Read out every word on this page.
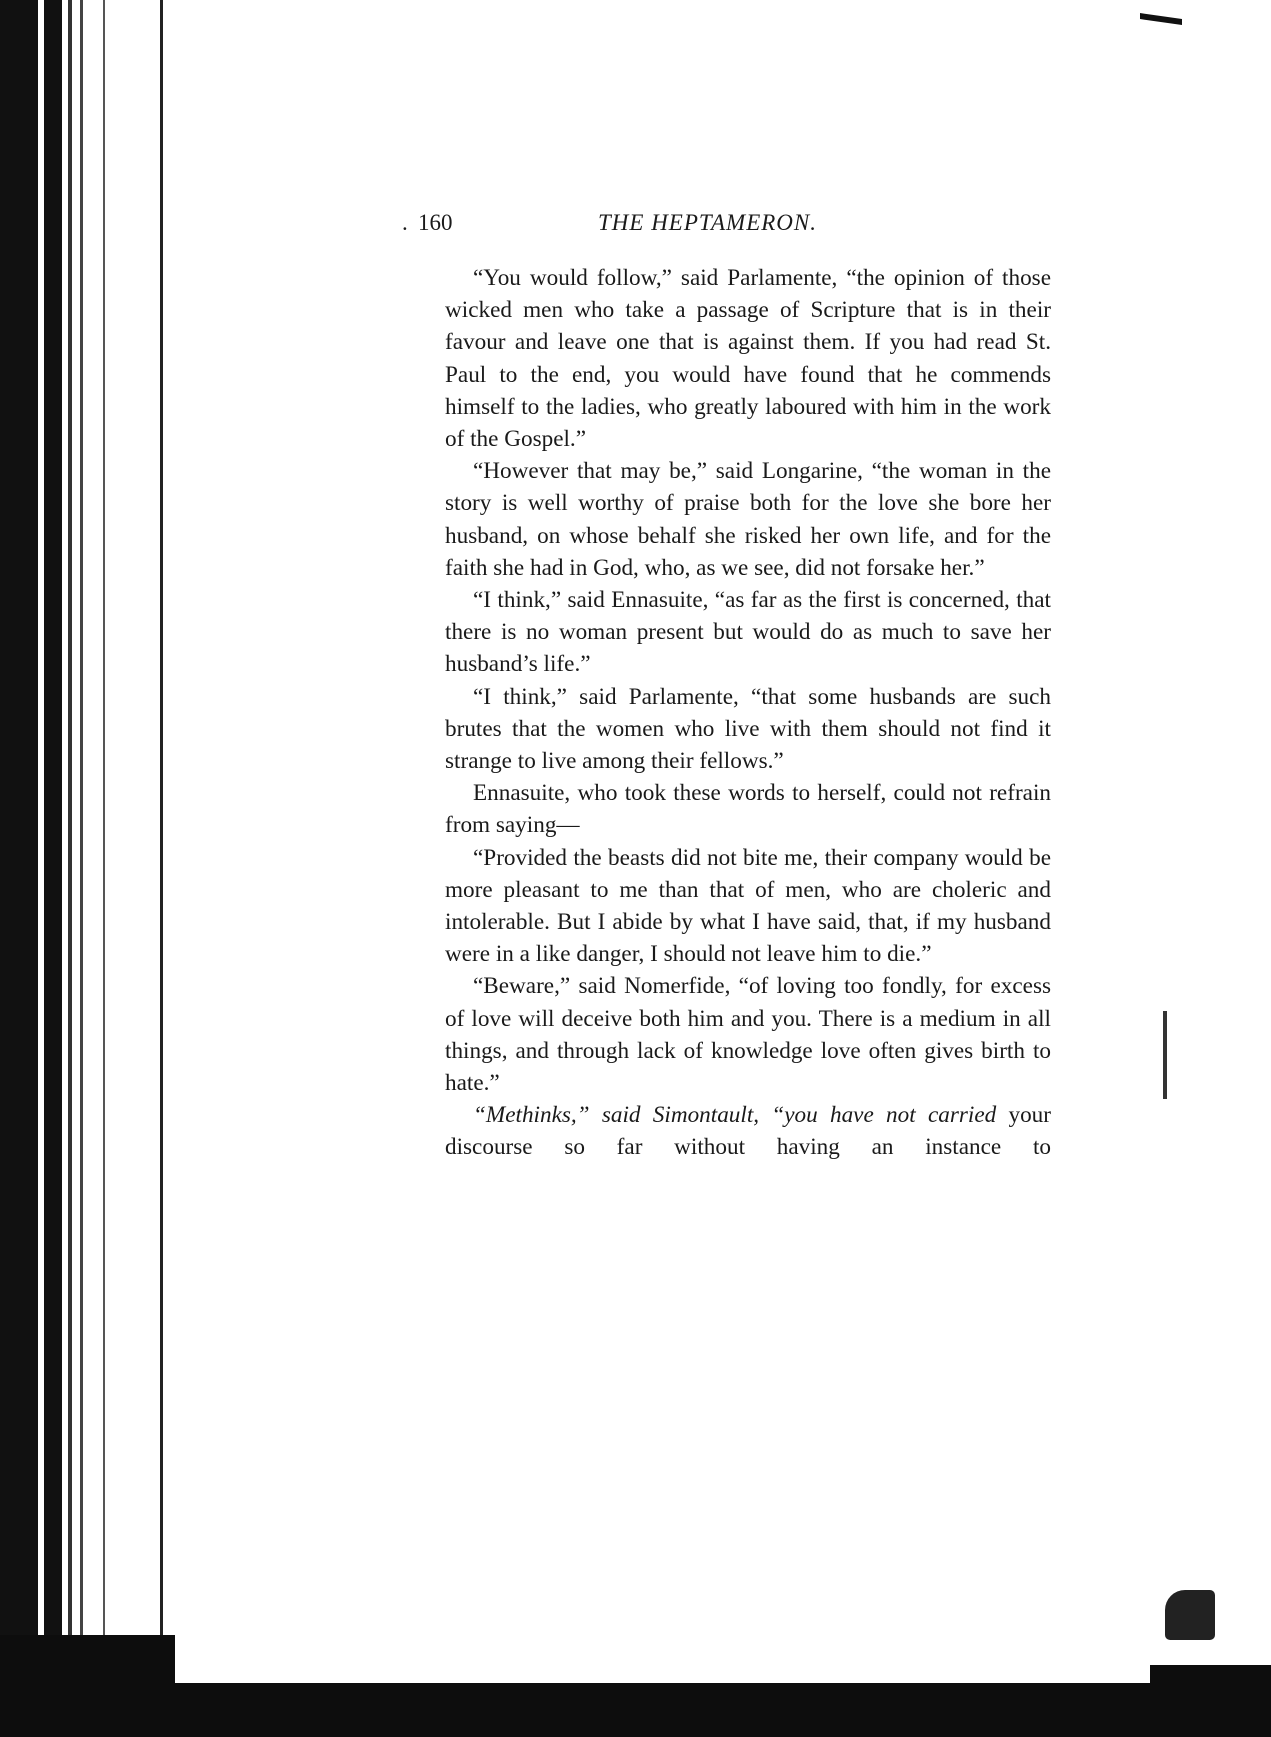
. 160	THE HEPTAMERON.

“You would follow,” said Parlamente, “the opinion of those wicked men who take a passage of Scripture that is in their favour and leave one that is against them. If you had read St. Paul to the end, you would have found that he commends himself to the ladies, who greatly laboured with him in the work of the Gospel.”

“However that may be,” said Longarine, “the woman in the story is well worthy of praise both for the love she bore her husband, on whose behalf she risked her own life, and for the faith she had in God, who, as we see, did not forsake her.”

“I think,” said Ennasuite, “as far as the first is concerned, that there is no woman present but would do as much to save her husband’s life.”

“I think,” said Parlamente, “that some husbands are such brutes that the women who live with them should not find it strange to live among their fellows.”

Ennasuite, who took these words to herself, could not refrain from saying—

“Provided the beasts did not bite me, their company would be more pleasant to me than that of men, who are choleric and intolerable. But I abide by what I have said, that, if my husband were in a like danger, I should not leave him to die.”

“Beware,” said Nomerfide, “of loving too fondly, for excess of love will deceive both him and you. There is a medium in all things, and through lack of knowledge love often gives birth to hate.”

“Methinks,” said Simontault, “you have not carried your discourse so far without having an instance to
